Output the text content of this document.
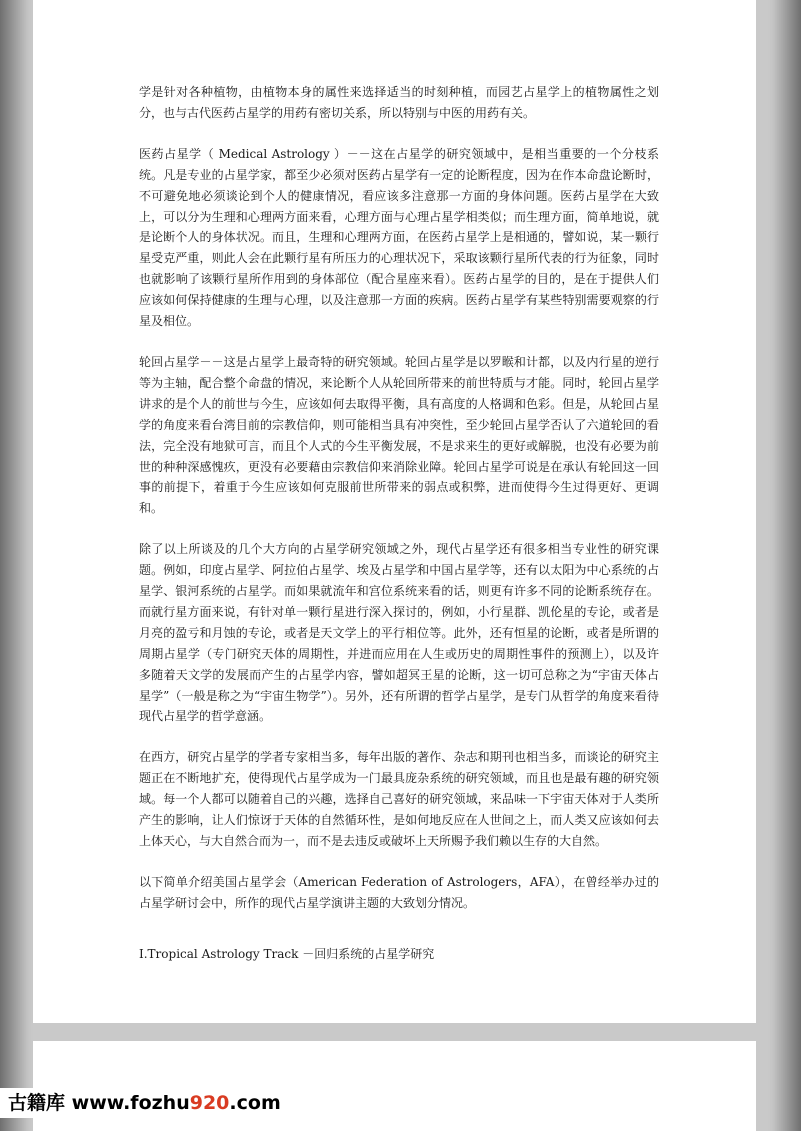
学是针对各种植物，由植物本身的属性来选择适当的时刻种植，而园艺占星学上的植物属性之划分，也与古代医药占星学的用药有密切关系，所以特别与中医的用药有关。

医药占星学（ Medical Astrology ）－－这在占星学的研究领域中，是相当重要的一个分枝系统。凡是专业的占星学家，都至少必须对医药占星学有一定的论断程度，因为在作本命盘论断时，不可避免地必须谈论到个人的健康情况，看应该多注意那一方面的身体问题。医药占星学在大致上，可以分为生理和心理两方面来看，心理方面与心理占星学相类似；而生理方面，简单地说，就是论断个人的身体状况。而且，生理和心理两方面，在医药占星学上是相通的，譬如说，某一颗行星受克严重，则此人会在此颗行星有所压力的心理状况下，采取该颗行星所代表的行为征象，同时也就影响了该颗行星所作用到的身体部位（配合星座来看）。医药占星学的目的，是在于提供人们应该如何保持健康的生理与心理，以及注意那一方面的疾病。医药占星学有某些特别需要观察的行星及相位。

轮回占星学－－这是占星学上最奇特的研究领域。轮回占星学是以罗睺和计都，以及内行星的逆行等为主轴，配合整个命盘的情况，来论断个人从轮回所带来的前世特质与才能。同时，轮回占星学讲求的是个人的前世与今生，应该如何去取得平衡，具有高度的人格调和色彩。但是，从轮回占星学的角度来看台湾目前的宗教信仰，则可能相当具有冲突性，至少轮回占星学否认了六道轮回的看法，完全没有地狱可言，而且个人式的今生平衡发展，不是求来生的更好或解脱，也没有必要为前世的种种深感愧疚，更没有必要藉由宗教信仰来消除业障。轮回占星学可说是在承认有轮回这一回事的前提下，着重于今生应该如何克服前世所带来的弱点或积弊，进而使得今生过得更好、更调和。

除了以上所谈及的几个大方向的占星学研究领域之外，现代占星学还有很多相当专业性的研究课题。例如，印度占星学、阿拉伯占星学、埃及占星学和中国占星学等，还有以太阳为中心系统的占星学、银河系统的占星学。而如果就流年和宫位系统来看的话，则更有许多不同的论断系统存在。而就行星方面来说，有针对单一颗行星进行深入探讨的，例如，小行星群、凯伦星的专论，或者是月亮的盈亏和月蚀的专论，或者是天文学上的平行相位等。此外，还有恒星的论断，或者是所谓的周期占星学（专门研究天体的周期性，并进而应用在人生或历史的周期性事件的预测上），以及许多随着天文学的发展而产生的占星学内容，譬如超冥王星的论断，这一切可总称之为“宇宙天体占星学”（一般是称之为“宇宙生物学”）。另外，还有所谓的哲学占星学，是专门从哲学的角度来看待现代占星学的哲学意涵。

在西方，研究占星学的学者专家相当多，每年出版的著作、杂志和期刊也相当多，而谈论的研究主题正在不断地扩充，使得现代占星学成为一门最具庞杂系统的研究领域，而且也是最有趣的研究领域。每一个人都可以随着自己的兴趣，选择自己喜好的研究领域，来品味一下宇宙天体对于人类所产生的影响，让人们惊讶于天体的自然循环性，是如何地反应在人世间之上，而人类又应该如何去上体天心，与大自然合而为一，而不是去违反或破坏上天所赐予我们赖以生存的大自然。

以下简单介绍美国占星学会（American Federation of Astrologers，AFA），在曾经举办过的占星学研讨会中，所作的现代占星学演讲主题的大致划分情况。

Ⅰ.Tropical Astrology Track －回归系统的占星学研究

古籍库 www.fozhu920.com
